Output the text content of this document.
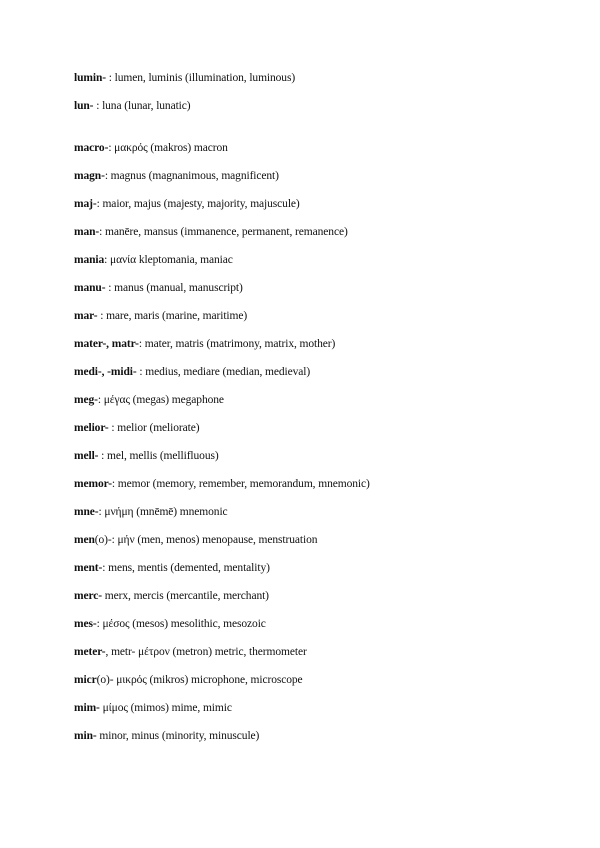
lumin- : lumen, luminis (illumination, luminous)
lun- : luna (lunar, lunatic)
macro-: μακρός (makros) macron
magn-: magnus (magnanimous, magnificent)
maj-: maior, majus (majesty, majority, majuscule)
man-: manēre, mansus (immanence, permanent, remanence)
mania: μανία kleptomania, maniac
manu- : manus (manual, manuscript)
mar- : mare, maris (marine, maritime)
mater-, matr-: mater, matris (matrimony, matrix, mother)
medi-, -midi- : medius, mediare (median, medieval)
meg-: μέγας (megas) megaphone
melior- : melior (meliorate)
mell- : mel, mellis (mellifluous)
memor-: memor (memory, remember, memorandum, mnemonic)
mne-: μνήμη (mnēmē) mnemonic
men(o)-: μήν (men, menos) menopause, menstruation
ment-: mens, mentis (demented, mentality)
merc- merx, mercis (mercantile, merchant)
mes-: μέσος (mesos) mesolithic, mesozoic
meter-, metr- μέτρον (metron) metric, thermometer
micr(o)- μικρός (mikros) microphone, microscope
mim- μίμος (mimos) mime, mimic
min- minor, minus (minority, minuscule)
